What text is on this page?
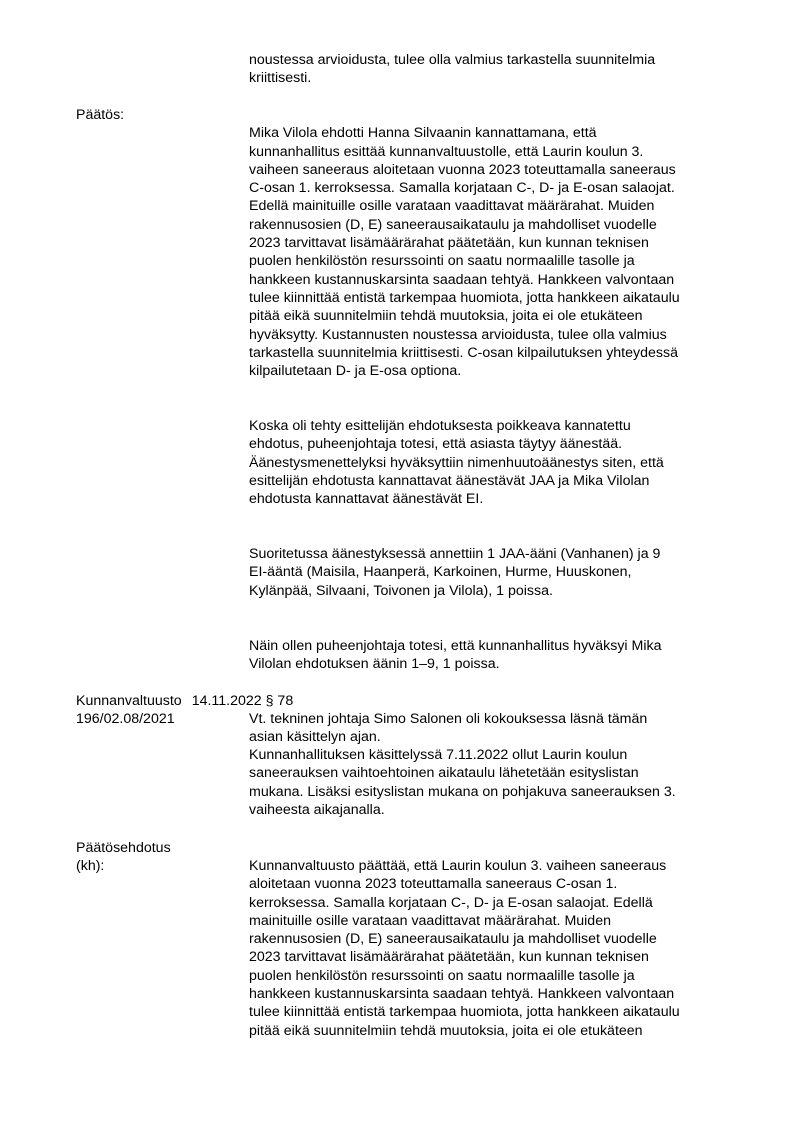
noustessa arvioidusta, tulee olla valmius tarkastella suunnitelmia
kriittisesti.
Päätös:

Mika Vilola ehdotti Hanna Silvaanin kannattamana, että
kunnanhallitus esittää kunnanvaltuustolle, että Laurin koulun 3.
vaiheen saneeraus aloitetaan vuonna 2023 toteuttamalla saneeraus
C-osan 1. kerroksessa. Samalla korjataan C-, D- ja E-osan salaojat.
Edellä mainituille osille varataan vaadittavat määrärahat. Muiden
rakennusosien (D, E) saneerausaikataulu ja mahdolliset vuodelle
2023 tarvittavat lisämäärärahat päätetään, kun kunnan teknisen
puolen henkilöstön resurssointi on saatu normaalille tasolle ja
hankkeen kustannuskarsinta saadaan tehtyä. Hankkeen valvontaan
tulee kiinnittää entistä tarkempaa huomiota, jotta hankkeen aikataulu
pitää eikä suunnitelmiin tehdä muutoksia, joita ei ole etukäteen
hyväksytty. Kustannusten noustessa arvioidusta, tulee olla valmius
tarkastella suunnitelmia kriittisesti. C-osan kilpailutuksen yhteydessä
kilpailutetaan D- ja E-osa optiona.

Koska oli tehty esittelijän ehdotuksesta poikkeava kannatettu
ehdotus, puheenjohtaja totesi, että asiasta täytyy äänestää.
Äänestysmenettelyksi hyväksyttiin nimenhuutoäänestys siten, että
esittelijän ehdotusta kannattavat äänestävät JAA ja Mika Vilolan
ehdotusta kannattavat äänestävät EI.

Suoritetussa äänestyksessä annettiin 1 JAA-ääni (Vanhanen) ja 9
EI-ääntä (Maisila, Haanperä, Karkoinen, Hurme, Huuskonen,
Kylänpää, Silvaani, Toivonen ja Vilola), 1 poissa.

Näin ollen puheenjohtaja totesi, että kunnanhallitus hyväksyi Mika
Vilolan ehdotuksen äänin 1–9, 1 poissa.

Vt. tekninen johtaja Simo Salonen oli kokouksessa läsnä tämän
asian käsittelyn ajan.

Kunnanvaltuusto 14.11.2022 § 78
196/02.08/2021
Kunnanhallituksen käsittelyssä 7.11.2022 ollut Laurin koulun
saneerauksen vaihtoehtoinen aikataulu lähetetään esityslistan
mukana. Lisäksi esityslistan mukana on pohjakuva saneerauksen 3.
vaiheesta aikajanalla.
Päätösehdotus
(kh):	Kunnanvaltuusto päättää, että Laurin koulun 3. vaiheen saneeraus
aloitetaan vuonna 2023 toteuttamalla saneeraus C-osan 1.
kerroksessa. Samalla korjataan C-, D- ja E-osan salaojat. Edellä
mainituille osille varataan vaadittavat määrärahat. Muiden
rakennusosien (D, E) saneerausaikataulu ja mahdolliset vuodelle
2023 tarvittavat lisämäärärahat päätetään, kun kunnan teknisen
puolen henkilöstön resurssointi on saatu normaalille tasolle ja
hankkeen kustannuskarsinta saadaan tehtyä. Hankkeen valvontaan
tulee kiinnittää entistä tarkempaa huomiota, jotta hankkeen aikataulu
pitää eikä suunnitelmiin tehdä muutoksia, joita ei ole etukäteen
